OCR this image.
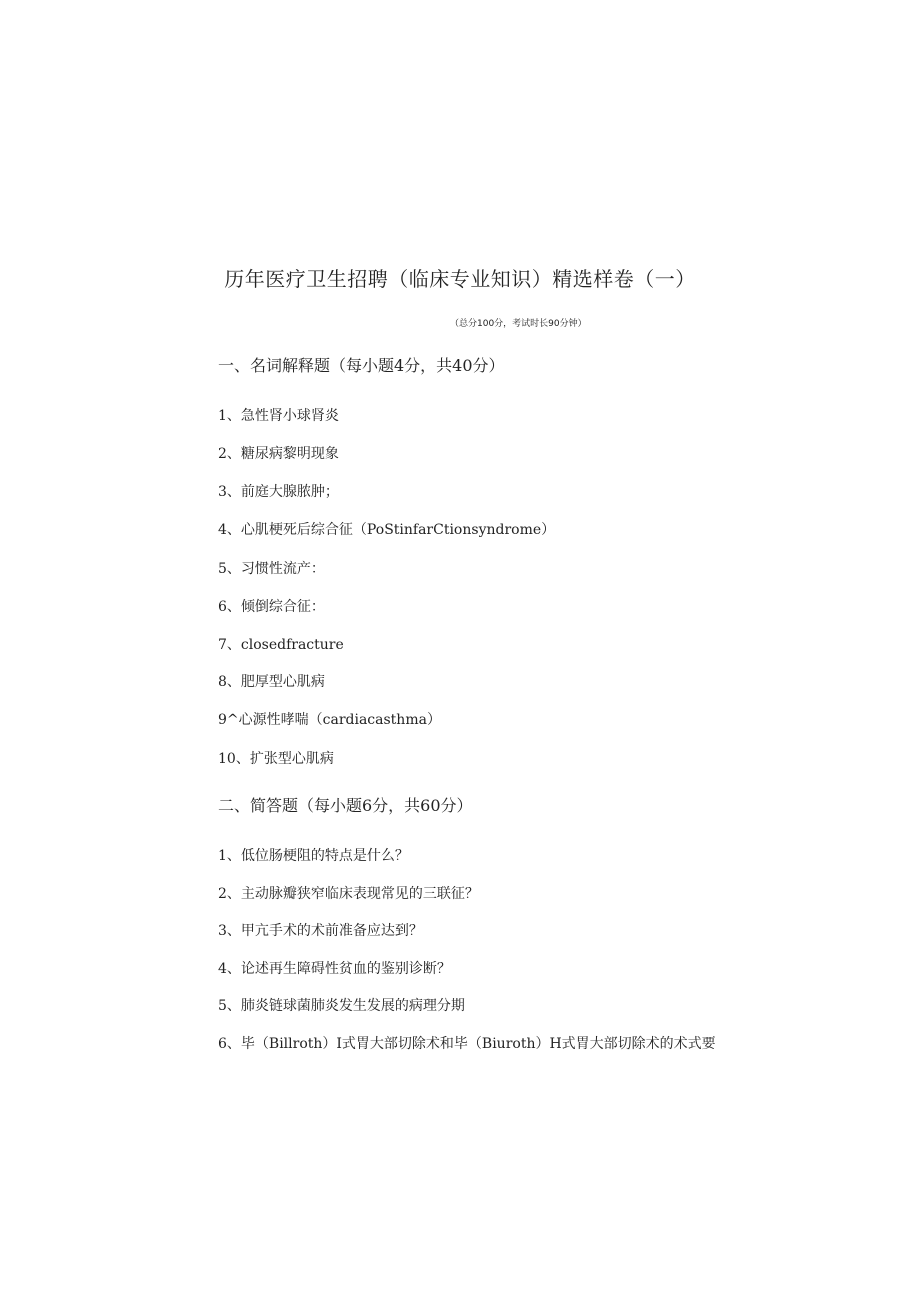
历年医疗卫生招聘（临床专业知识）精选样卷（一）
（总分100分，考试时长90分钟）
一、名词解释题（每小题4分，共40分）
1、急性肾小球肾炎
2、糖尿病黎明现象
3、前庭大腺脓肿；
4、心肌梗死后综合征（PoStinfarCtionsyndrome）
5、习惯性流产：
6、倾倒综合征：
7、closedfracture
8、肥厚型心肌病
9^心源性哮喘（cardiacasthma）
10、扩张型心肌病
二、简答题（每小题6分，共60分）
1、低位肠梗阻的特点是什么？
2、主动脉瓣狭窄临床表现常见的三联征？
3、甲亢手术的术前准备应达到？
4、论述再生障碍性贫血的鉴别诊断？
5、肺炎链球菌肺炎发生发展的病理分期
6、毕（Billroth）I式胃大部切除术和毕（Biuroth）H式胃大部切除术的术式要
